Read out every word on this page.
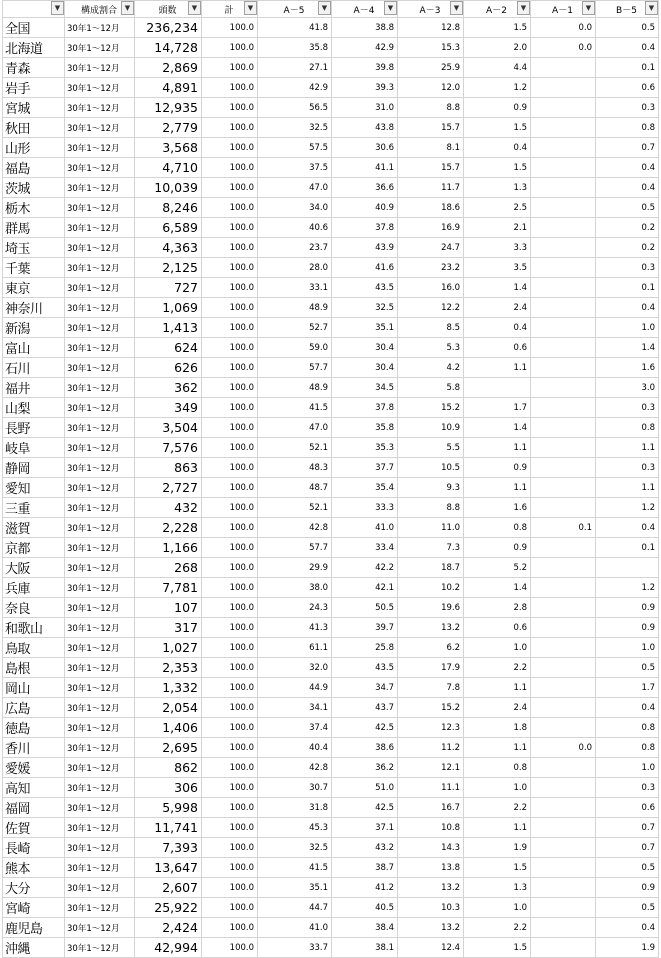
▼	構成割合 ▼	頭数 ▼	計 ▼	A－5 ▼	A－4 ▼	A－3 ▼	A－2 ▼	A－1 ▼	B－5 ▼

全国	30年1～12月	236,234	100.0	41.8	38.8	12.8	1.5	0.0	0.5
北海道	30年1～12月	14,728	100.0	35.8	42.9	15.3	2.0	0.0	0.4
青森	30年1～12月	2,869	100.0	27.1	39.8	25.9	4.4		0.1
岩手	30年1～12月	4,891	100.0	42.9	39.3	12.0	1.2		0.6
宮城	30年1～12月	12,935	100.0	56.5	31.0	8.8	0.9		0.3
秋田	30年1～12月	2,779	100.0	32.5	43.8	15.7	1.5		0.8
山形	30年1～12月	3,568	100.0	57.5	30.6	8.1	0.4		0.7
福島	30年1～12月	4,710	100.0	37.5	41.1	15.7	1.5		0.4
茨城	30年1～12月	10,039	100.0	47.0	36.6	11.7	1.3		0.4
栃木	30年1～12月	8,246	100.0	34.0	40.9	18.6	2.5		0.5
群馬	30年1～12月	6,589	100.0	40.6	37.8	16.9	2.1		0.2
埼玉	30年1～12月	4,363	100.0	23.7	43.9	24.7	3.3		0.2
千葉	30年1～12月	2,125	100.0	28.0	41.6	23.2	3.5		0.3
東京	30年1～12月	727	100.0	33.1	43.5	16.0	1.4		0.1
神奈川	30年1～12月	1,069	100.0	48.9	32.5	12.2	2.4		0.4
新潟	30年1～12月	1,413	100.0	52.7	35.1	8.5	0.4		1.0
富山	30年1～12月	624	100.0	59.0	30.4	5.3	0.6		1.4
石川	30年1～12月	626	100.0	57.7	30.4	4.2	1.1		1.6
福井	30年1～12月	362	100.0	48.9	34.5	5.8			3.0
山梨	30年1～12月	349	100.0	41.5	37.8	15.2	1.7		0.3
長野	30年1～12月	3,504	100.0	47.0	35.8	10.9	1.4		0.8
岐阜	30年1～12月	7,576	100.0	52.1	35.3	5.5	1.1		1.1
静岡	30年1～12月	863	100.0	48.3	37.7	10.5	0.9		0.3
愛知	30年1～12月	2,727	100.0	48.7	35.4	9.3	1.1		1.1
三重	30年1～12月	432	100.0	52.1	33.3	8.8	1.6		1.2
滋賀	30年1～12月	2,228	100.0	42.8	41.0	11.0	0.8	0.1	0.4
京都	30年1～12月	1,166	100.0	57.7	33.4	7.3	0.9		0.1
大阪	30年1～12月	268	100.0	29.9	42.2	18.7	5.2		
兵庫	30年1～12月	7,781	100.0	38.0	42.1	10.2	1.4		1.2
奈良	30年1～12月	107	100.0	24.3	50.5	19.6	2.8		0.9
和歌山	30年1～12月	317	100.0	41.3	39.7	13.2	0.6		0.9
鳥取	30年1～12月	1,027	100.0	61.1	25.8	6.2	1.0		1.0
島根	30年1～12月	2,353	100.0	32.0	43.5	17.9	2.2		0.5
岡山	30年1～12月	1,332	100.0	44.9	34.7	7.8	1.1		1.7
広島	30年1～12月	2,054	100.0	34.1	43.7	15.2	2.4		0.4
徳島	30年1～12月	1,406	100.0	37.4	42.5	12.3	1.8		0.8
香川	30年1～12月	2,695	100.0	40.4	38.6	11.2	1.1	0.0	0.8
愛媛	30年1～12月	862	100.0	42.8	36.2	12.1	0.8		1.0
高知	30年1～12月	306	100.0	30.7	51.0	11.1	1.0		0.3
福岡	30年1～12月	5,998	100.0	31.8	42.5	16.7	2.2		0.6
佐賀	30年1～12月	11,741	100.0	45.3	37.1	10.8	1.1		0.7
長崎	30年1～12月	7,393	100.0	32.5	43.2	14.3	1.9		0.7
熊本	30年1～12月	13,647	100.0	41.5	38.7	13.8	1.5		0.5
大分	30年1～12月	2,607	100.0	35.1	41.2	13.2	1.3		0.9
宮崎	30年1～12月	25,922	100.0	44.7	40.5	10.3	1.0		0.5
鹿児島	30年1～12月	2,424	100.0	41.0	38.4	13.2	2.2		0.4
沖縄	30年1～12月	42,994	100.0	33.7	38.1	12.4	1.5		1.9
